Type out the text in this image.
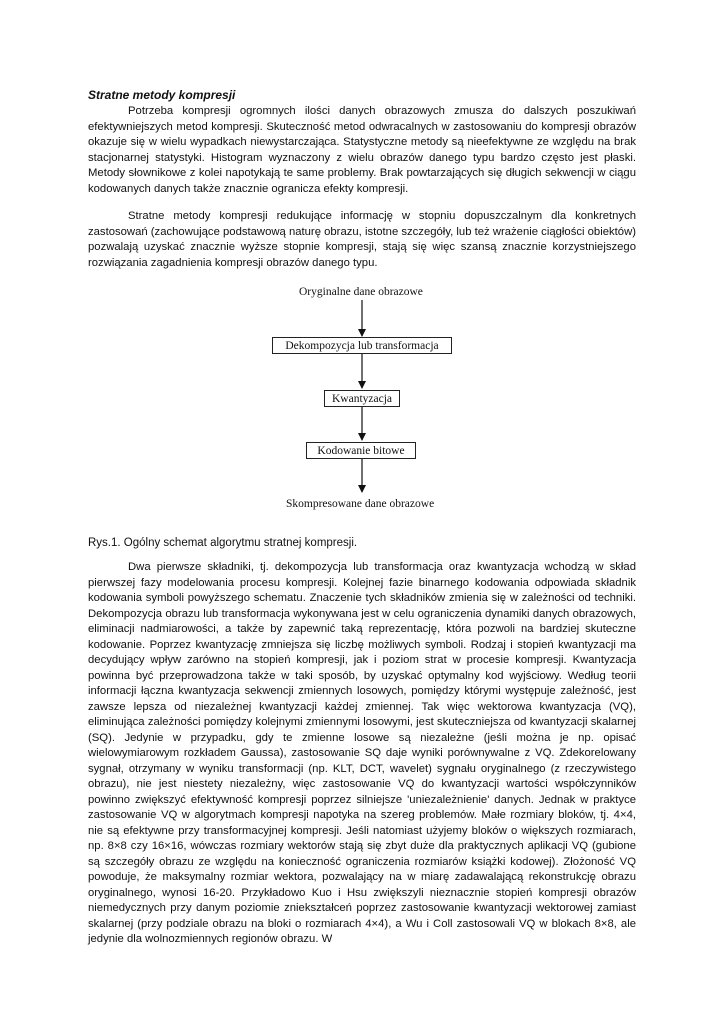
Stratne metody kompresji

Potrzeba kompresji ogromnych ilości danych obrazowych zmusza do dalszych poszukiwań efektywniejszych metod kompresji. Skuteczność metod odwracalnych w zastosowaniu do kompresji obrazów okazuje się w wielu wypadkach niewystarczająca. Statystyczne metody są nieefektywne ze względu na brak stacjonarnej statystyki. Histogram wyznaczony z wielu obrazów danego typu bardzo często jest płaski. Metody słownikowe z kolei napotykają te same problemy. Brak powtarzających się długich sekwencji w ciągu kodowanych danych także znacznie ogranicza efekty kompresji.

Stratne metody kompresji redukujące informację w stopniu dopuszczalnym dla konkretnych zastosowań (zachowujące podstawową naturę obrazu, istotne szczegóły, lub też wrażenie ciągłości obiektów) pozwalają uzyskać znacznie wyższe stopnie kompresji, stają się więc szansą znacznie korzystniejszego rozwiązania zagadnienia kompresji obrazów danego typu.

Oryginalne dane obrazowe
Dekompozycja lub transformacja
Kwantyzacja
Kodowanie bitowe
Skompresowane dane obrazowe
Rys.1. Ogólny schemat algorytmu stratnej kompresji.

Dwa pierwsze składniki, tj. dekompozycja lub transformacja oraz kwantyzacja wchodzą w skład pierwszej fazy modelowania procesu kompresji. Kolejnej fazie binarnego kodowania odpowiada składnik kodowania symboli powyższego schematu. Znaczenie tych składników zmienia się w zależności od techniki. Dekompozycja obrazu lub transformacja wykonywana jest w celu ograniczenia dynamiki danych obrazowych, eliminacji nadmiarowości, a także by zapewnić taką reprezentację, która pozwoli na bardziej skuteczne kodowanie. Poprzez kwantyzację zmniejsza się liczbę możliwych symboli. Rodzaj i stopień kwantyzacji ma decydujący wpływ zarówno na stopień kompresji, jak i poziom strat w procesie kompresji. Kwantyzacja powinna być przeprowadzona także w taki sposób, by uzyskać optymalny kod wyjściowy. Według teorii informacji łączna kwantyzacja sekwencji zmiennych losowych, pomiędzy którymi występuje zależność, jest zawsze lepsza od niezależnej kwantyzacji każdej zmiennej. Tak więc wektorowa kwantyzacja (VQ), eliminująca zależności pomiędzy kolejnymi zmiennymi losowymi, jest skuteczniejsza od kwantyzacji skalarnej (SQ). Jedynie w przypadku, gdy te zmienne losowe są niezależne (jeśli można je np. opisać wielowymiarowym rozkładem Gaussa), zastosowanie SQ daje wyniki porównywalne z VQ. Zdekorelowany sygnał, otrzymany w wyniku transformacji (np. KLT, DCT, wavelet) sygnału oryginalnego (z rzeczywistego obrazu), nie jest niestety niezależny, więc zastosowanie VQ do kwantyzacji wartości współczynników powinno zwiększyć efektywność kompresji poprzez silniejsze 'uniezależnienie' danych. Jednak w praktyce zastosowanie VQ w algorytmach kompresji napotyka na szereg problemów. Małe rozmiary bloków, tj. 4×4, nie są efektywne przy transformacyjnej kompresji. Jeśli natomiast użyjemy bloków o większych rozmiarach, np. 8×8 czy 16×16, wówczas rozmiary wektorów stają się zbyt duże dla praktycznych aplikacji VQ (gubione są szczegóły obrazu ze względu na konieczność ograniczenia rozmiarów książki kodowej). Złożoność VQ powoduje, że maksymalny rozmiar wektora, pozwalający na w miarę zadawalającą rekonstrukcję obrazu oryginalnego, wynosi 16-20. Przykładowo Kuo i Hsu zwiększyli nieznacznie stopień kompresji obrazów niemedycznych przy danym poziomie zniekształceń poprzez zastosowanie kwantyzacji wektorowej zamiast skalarnej (przy podziale obrazu na bloki o rozmiarach 4×4), a Wu i Coll zastosowali VQ w blokach 8×8, ale jedynie dla wolnozmiennych regionów obrazu. W
